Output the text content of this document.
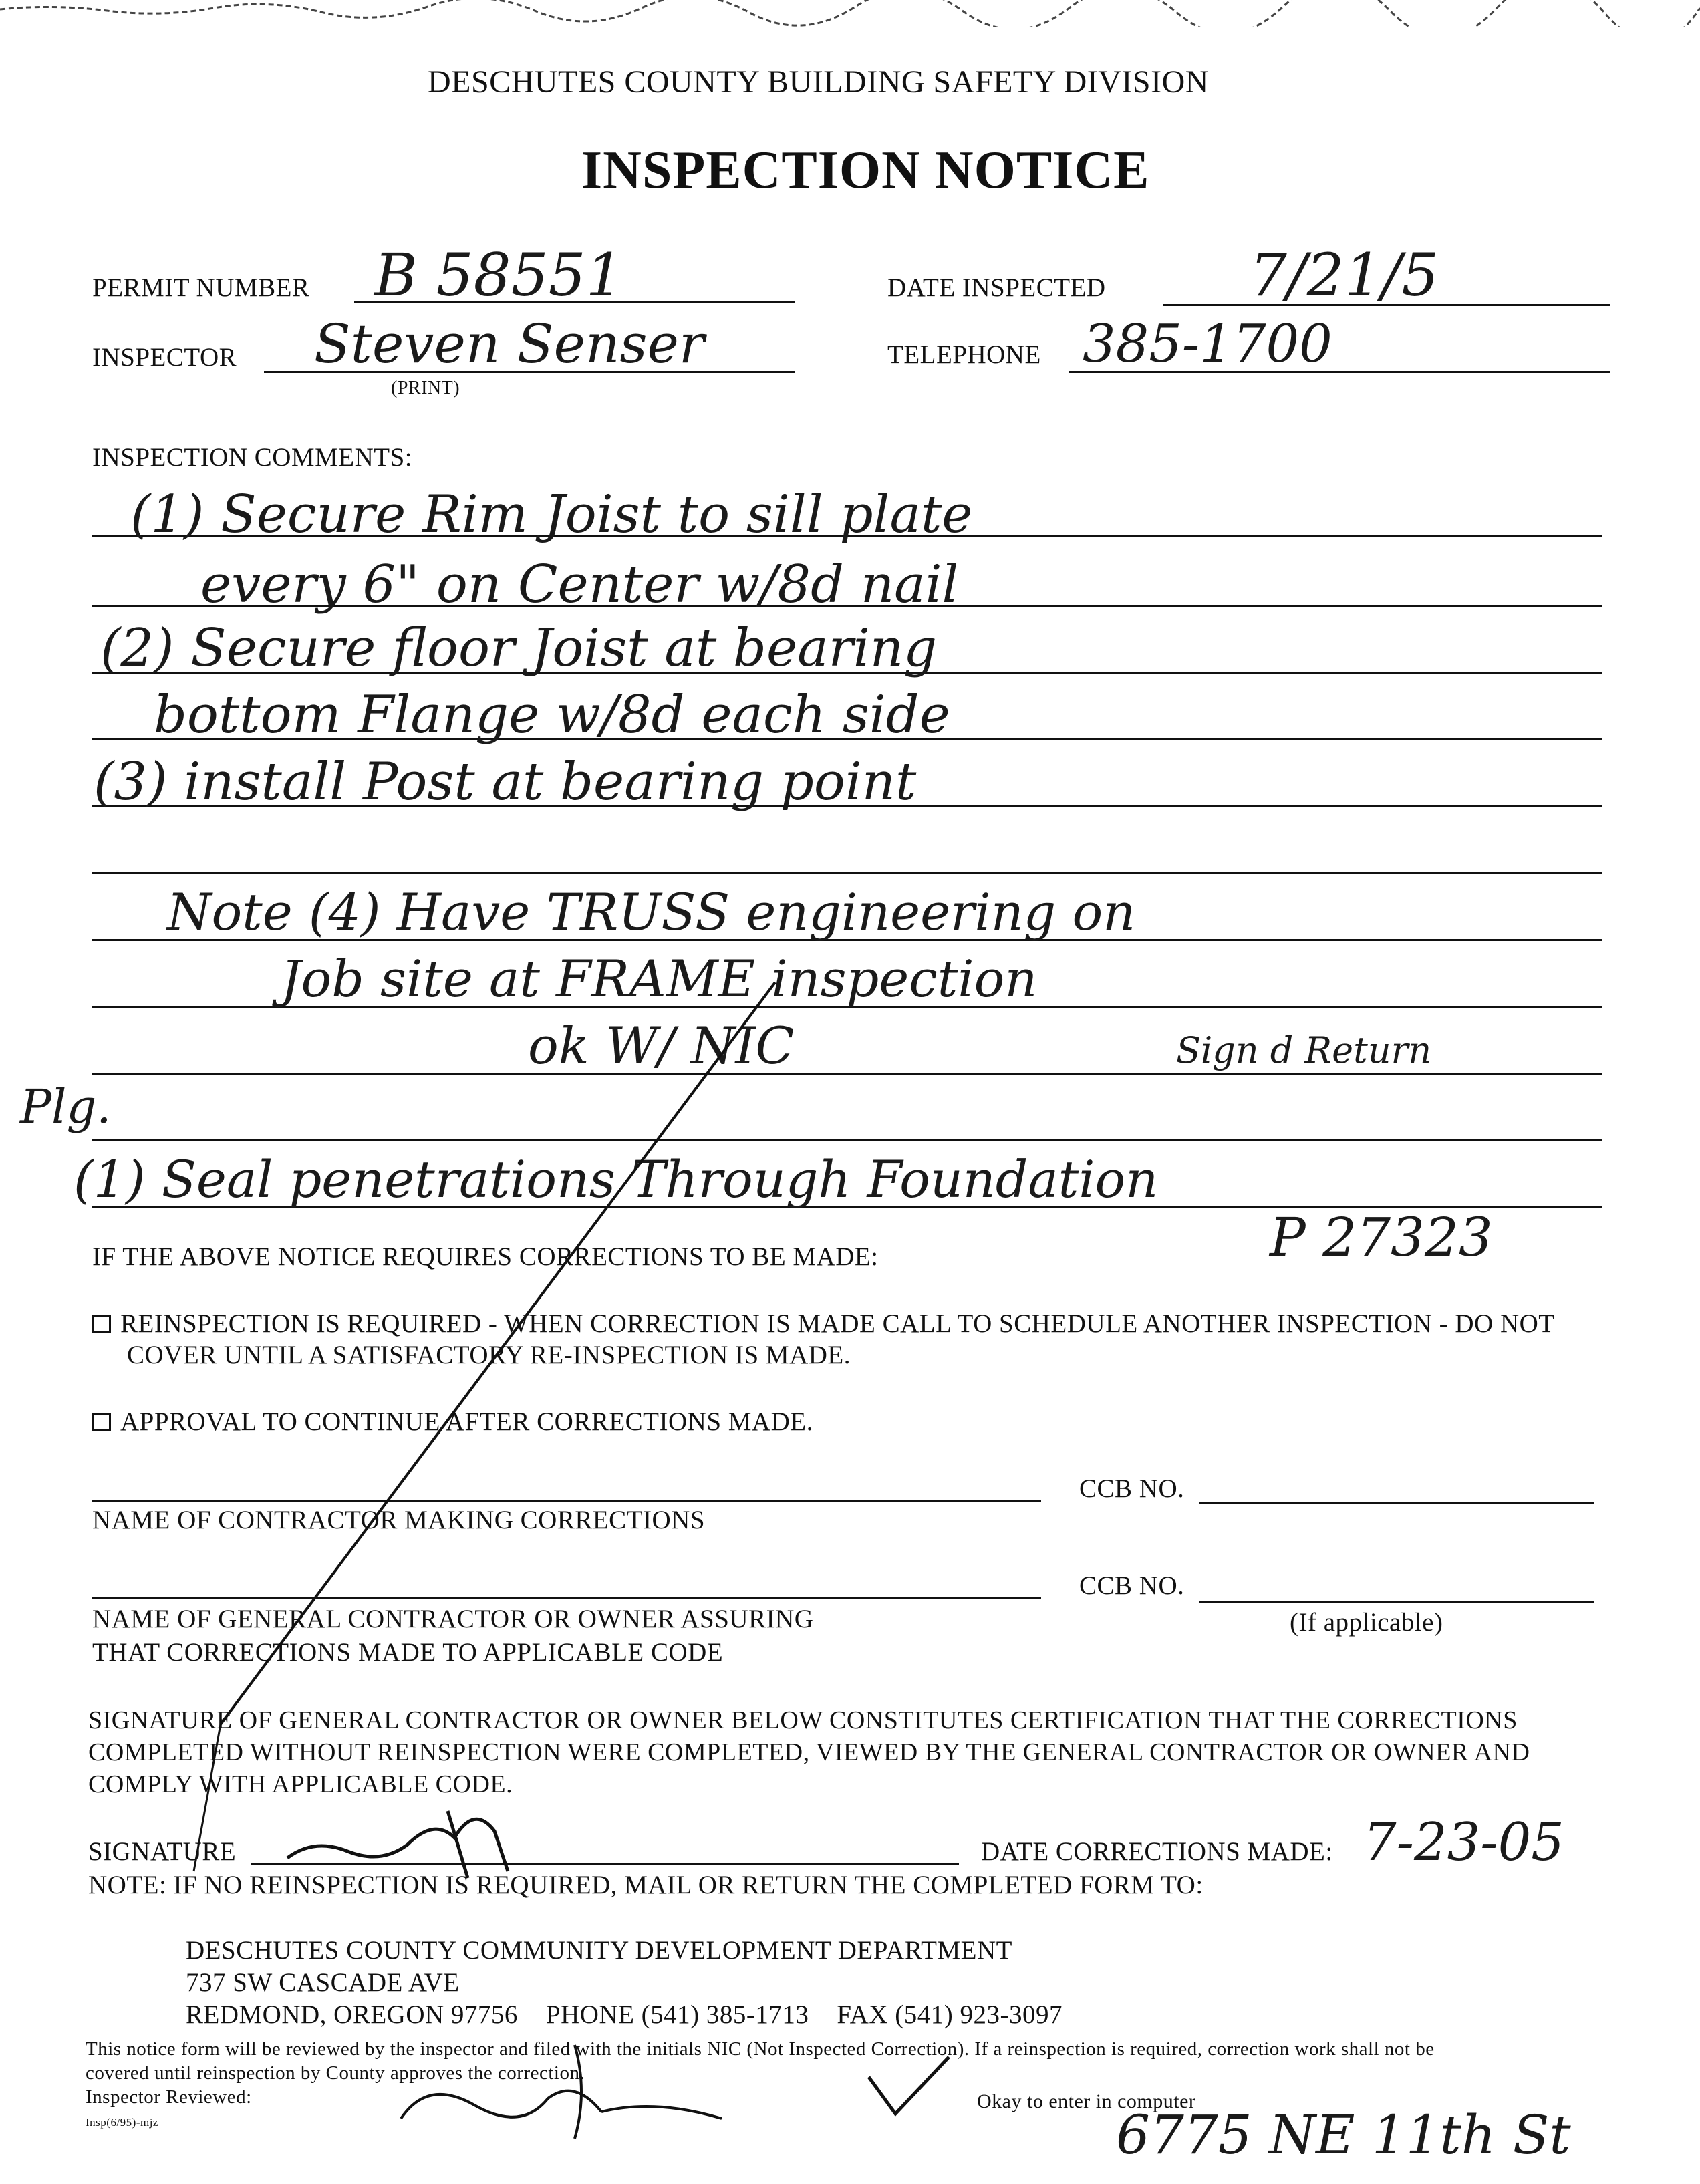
DESCHUTES COUNTY BUILDING SAFETY DIVISION
INSPECTION NOTICE
PERMIT NUMBER B 58551	DATE INSPECTED 7/21/5
INSPECTOR Steven Senser
(PRINT)
TELEPHONE 385-1700
INSPECTION COMMENTS:
(1) Secure Rim Joist to sill plate
every 6" on Center w/8d nail
(2) Secure floor Joist at bearing
bottom Flange w/8d each side
(3) install Post at bearing point
Note (4) Have TRUSS engineering on
Job site at FRAME inspection
ok W/ NIC	Sign d Return
Plg.
(1) Seal penetrations Through Foundation
P 27323
IF THE ABOVE NOTICE REQUIRES CORRECTIONS TO BE MADE:
REINSPECTION IS REQUIRED - WHEN CORRECTION IS MADE CALL TO SCHEDULE ANOTHER INSPECTION - DO NOT
COVER UNTIL A SATISFACTORY RE-INSPECTION IS MADE.
APPROVAL TO CONTINUE AFTER CORRECTIONS MADE.
CCB NO.
NAME OF CONTRACTOR MAKING CORRECTIONS
CCB NO.
NAME OF GENERAL CONTRACTOR OR OWNER ASSURING	(If applicable)
THAT CORRECTIONS MADE TO APPLICABLE CODE
SIGNATURE OF GENERAL CONTRACTOR OR OWNER BELOW CONSTITUTES CERTIFICATION THAT THE CORRECTIONS
COMPLETED WITHOUT REINSPECTION WERE COMPLETED, VIEWED BY THE GENERAL CONTRACTOR OR OWNER AND
COMPLY WITH APPLICABLE CODE.
SIGNATURE	DATE CORRECTIONS MADE: 7-23-05
NOTE: IF NO REINSPECTION IS REQUIRED, MAIL OR RETURN THE COMPLETED FORM TO:
DESCHUTES COUNTY COMMUNITY DEVELOPMENT DEPARTMENT
737 SW CASCADE AVE
REDMOND, OREGON 97756 PHONE (541) 385-1713 FAX (541) 923-3097
This notice form will be reviewed by the inspector and filed with the initials NIC (Not Inspected Correction). If a reinspection is required, correction work shall not be
covered until reinspection by County approves the correction.
Inspector Reviewed:	Okay to enter in computer
Insp(6/95)-mjz	6775 NE 11th St
